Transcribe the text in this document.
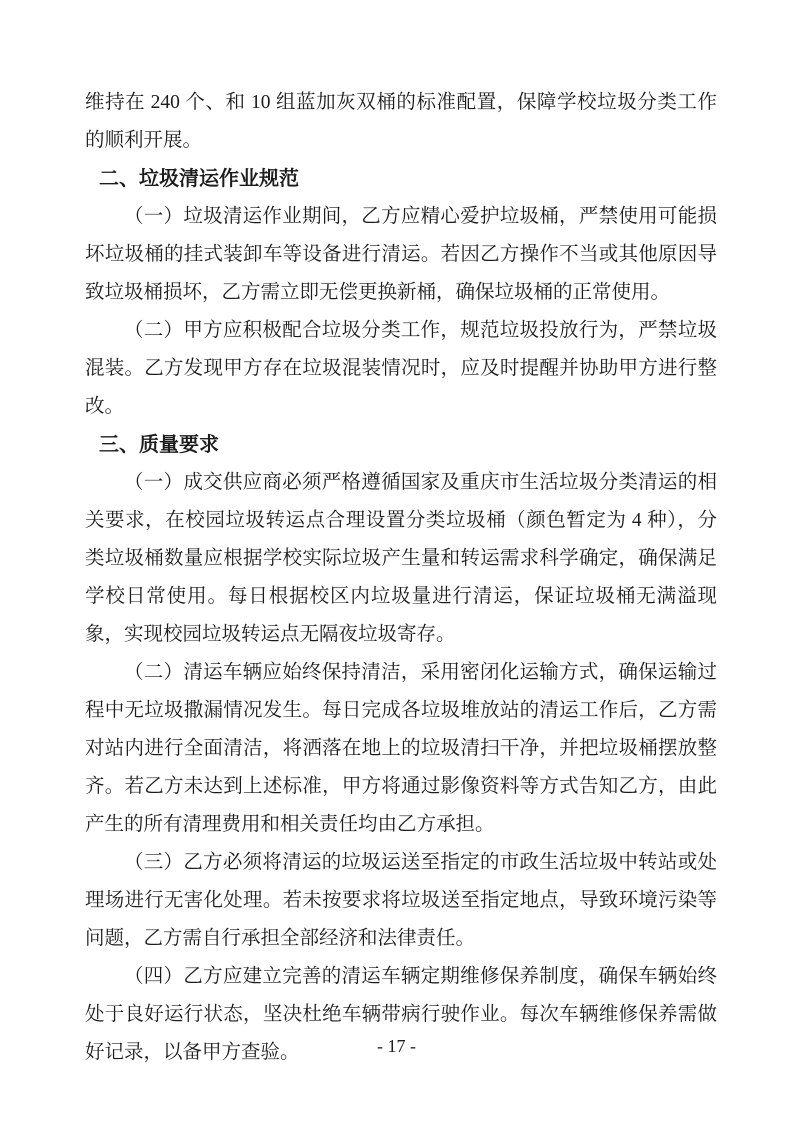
维持在 240 个、和 10 组蓝加灰双桶的标准配置，保障学校垃圾分类工作的顺利开展。

二、垃圾清运作业规范

（一）垃圾清运作业期间，乙方应精心爱护垃圾桶，严禁使用可能损坏垃圾桶的挂式装卸车等设备进行清运。若因乙方操作不当或其他原因导致垃圾桶损坏，乙方需立即无偿更换新桶，确保垃圾桶的正常使用。

（二）甲方应积极配合垃圾分类工作，规范垃圾投放行为，严禁垃圾混装。乙方发现甲方存在垃圾混装情况时，应及时提醒并协助甲方进行整改。

三、质量要求

（一）成交供应商必须严格遵循国家及重庆市生活垃圾分类清运的相关要求，在校园垃圾转运点合理设置分类垃圾桶（颜色暂定为 4 种），分类垃圾桶数量应根据学校实际垃圾产生量和转运需求科学确定，确保满足学校日常使用。每日根据校区内垃圾量进行清运，保证垃圾桶无满溢现象，实现校园垃圾转运点无隔夜垃圾寄存。

（二）清运车辆应始终保持清洁，采用密闭化运输方式，确保运输过程中无垃圾撒漏情况发生。每日完成各垃圾堆放站的清运工作后，乙方需对站内进行全面清洁，将洒落在地上的垃圾清扫干净，并把垃圾桶摆放整齐。若乙方未达到上述标准，甲方将通过影像资料等方式告知乙方，由此产生的所有清理费用和相关责任均由乙方承担。

（三）乙方必须将清运的垃圾运送至指定的市政生活垃圾中转站或处理场进行无害化处理。若未按要求将垃圾送至指定地点，导致环境污染等问题，乙方需自行承担全部经济和法律责任。

（四）乙方应建立完善的清运车辆定期维修保养制度，确保车辆始终处于良好运行状态，坚决杜绝车辆带病行驶作业。每次车辆维修保养需做好记录，以备甲方查验。	- 17 -
